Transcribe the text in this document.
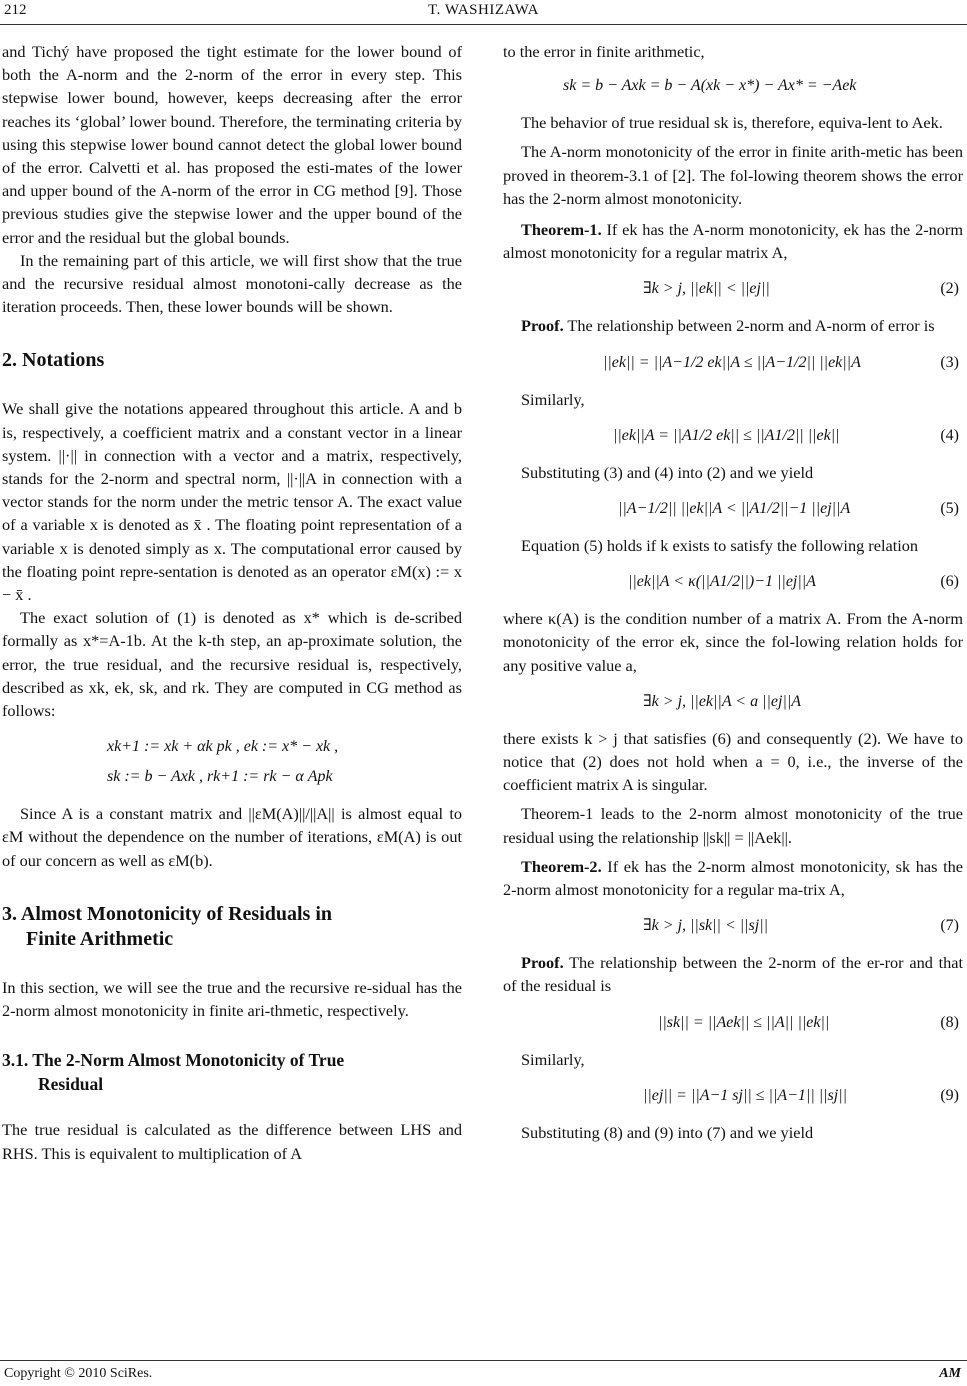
212	T. WASHIZAWA

and Tichý have proposed the tight estimate for the lower bound of both the A-norm and the 2-norm of the error in every step. This stepwise lower bound, however, keeps decreasing after the error reaches its ‘global’ lower bound. Therefore, the terminating criteria by using this stepwise lower bound cannot detect the global lower bound of the error. Calvetti et al. has proposed the esti-mates of the lower and upper bound of the A-norm of the error in CG method [9]. Those previous studies give the stepwise lower and the upper bound of the error and the residual but the global bounds.

In the remaining part of this article, we will first show that the true and the recursive residual almost monotoni-cally decrease as the iteration proceeds. Then, these lower bounds will be shown.

2. Notations

We shall give the notations appeared throughout this article. A and b is, respectively, a coefficient matrix and a constant vector in a linear system. ||·|| in connection with a vector and a matrix, respectively, stands for the 2-norm and spectral norm, ||·||A in connection with a vector stands for the norm under the metric tensor A. The exact value of a variable x is denoted as x̄ . The floating point representation of a variable x is denoted simply as x. The computational error caused by the floating point repre-sentation is denoted as an operator εM(x) := x − x̄ .

The exact solution of (1) is denoted as x* which is de-scribed formally as x*=A-1b. At the k-th step, an ap-proximate solution, the error, the true residual, and the recursive residual is, respectively, described as xk, ek, sk, and rk. They are computed in CG method as follows:

xk+1 := xk + αk pk , ek := x* − xk ,
sk := b − Axk , rk+1 := rk − α Apk

Since A is a constant matrix and ||εM(A)||/||A|| is almost equal to εM without the dependence on the number of iterations, εM(A) is out of our concern as well as εM(b).

3. Almost Monotonicity of Residuals in
Finite Arithmetic

In this section, we will see the true and the recursive re-sidual has the 2-norm almost monotonicity in finite ari-thmetic, respectively.

3.1. The 2-Norm Almost Monotonicity of True
Residual

The true residual is calculated as the difference between LHS and RHS. This is equivalent to multiplication of A

to the error in finite arithmetic,

sk = b − Axk = b − A(xk − x*) − Ax* = −Aek

The behavior of true residual sk is, therefore, equiva-lent to Aek.

The A-norm monotonicity of the error in finite arith-metic has been proved in theorem-3.1 of [2]. The fol-lowing theorem shows the error has the 2-norm almost monotonicity.

Theorem-1. If ek has the A-norm monotonicity, ek has the 2-norm almost monotonicity for a regular matrix A,

∃k > j, ||ek|| < ||ej||	(2)

Proof. The relationship between 2-norm and A-norm of error is

||ek|| = ||A−1/2 ek||A ≤ ||A−1/2|| ||ek||A	(3)

Similarly,

||ek||A = ||A1/2 ek|| ≤ ||A1/2|| ||ek||	(4)

Substituting (3) and (4) into (2) and we yield

||A−1/2|| ||ek||A < ||A1/2||−1 ||ej||A	(5)

Equation (5) holds if k exists to satisfy the following relation

||ek||A < κ(||A1/2||)−1 ||ej||A	(6)

where κ(A) is the condition number of a matrix A. From the A-norm monotonicity of the error ek, since the fol-lowing relation holds for any positive value a,

∃k > j, ||ek||A < a ||ej||A

there exists k > j that satisfies (6) and consequently (2). We have to notice that (2) does not hold when a = 0, i.e., the inverse of the coefficient matrix A is singular.

Theorem-1 leads to the 2-norm almost monotonicity of the true residual using the relationship ||sk|| = ||Aek||.

Theorem-2. If ek has the 2-norm almost monotonicity, sk has the 2-norm almost monotonicity for a regular ma-trix A,

∃k > j, ||sk|| < ||sj||	(7)

Proof. The relationship between the 2-norm of the er-ror and that of the residual is

||sk|| = ||Aek|| ≤ ||A|| ||ek||	(8)

Similarly,

||ej|| = ||A−1 sj|| ≤ ||A−1|| ||sj||	(9)

Substituting (8) and (9) into (7) and we yield

Copyright © 2010 SciRes.	AM
